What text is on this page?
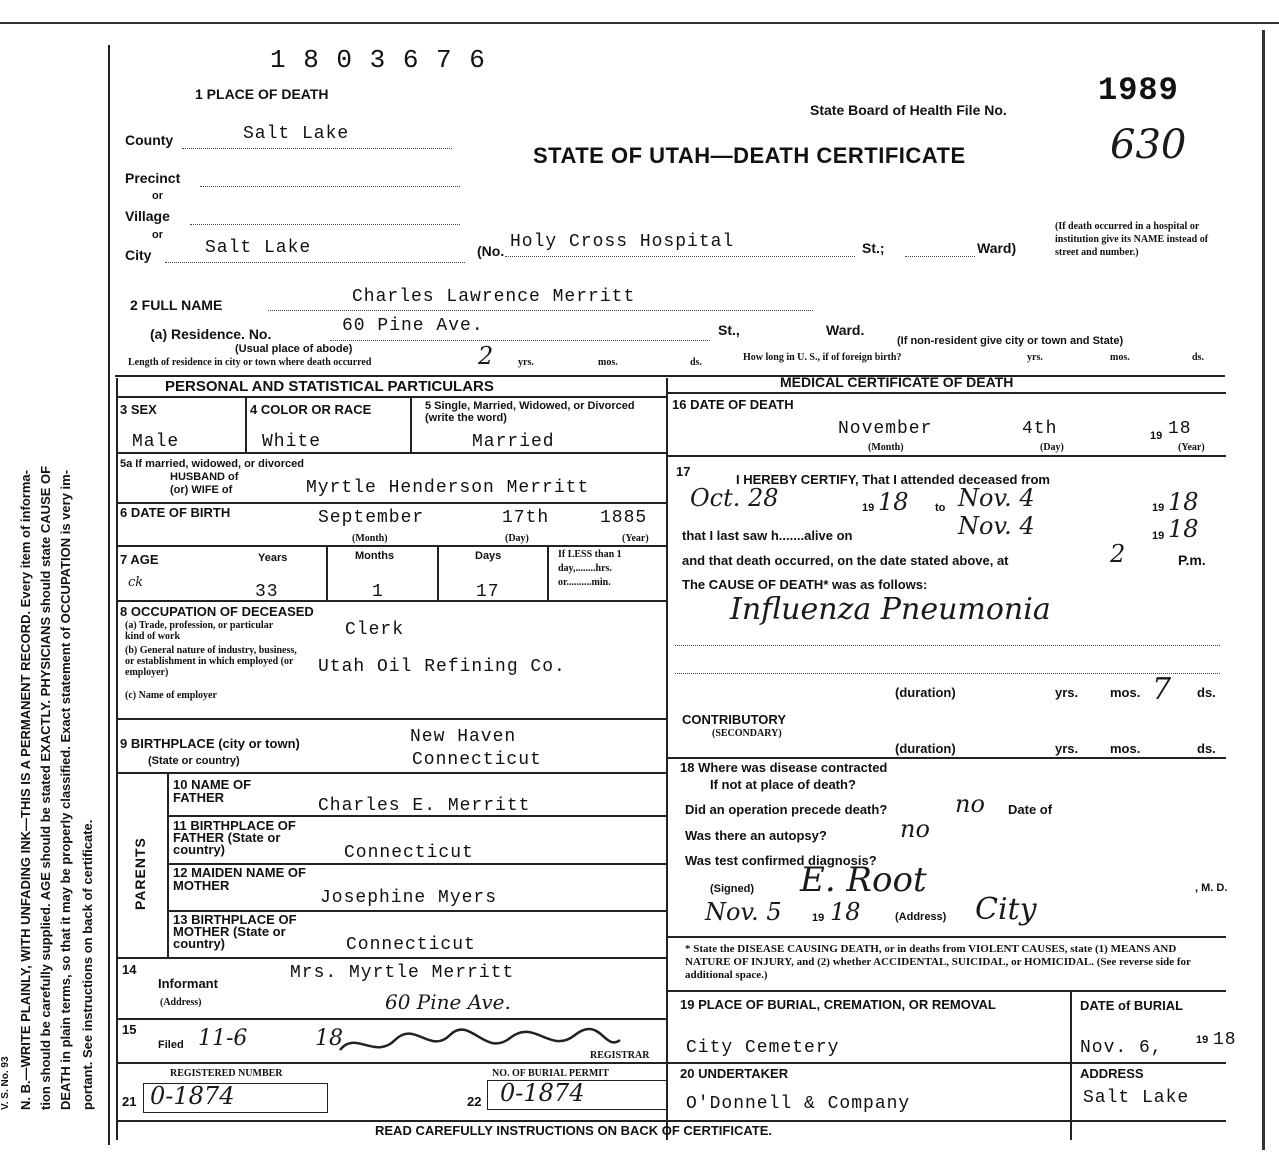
N. B.—WRITE PLAINLY, WITH UNFADING INK—THIS IS A PERMANENT RECORD. Every item of informa- tion should be carefully supplied. AGE should be stated EXACTLY. PHYSICIANS should state CAUSE OF DEATH in plain terms, so that it may be properly classified. Exact statement of OCCUPATION is very im- portant. See instructions on back of certificate.
V. S. No. 93
1 8 0 3 6 7 6
1 PLACE OF DEATH
State Board of Health File No.
1989
STATE OF UTAH—DEATH CERTIFICATE	630
County	Salt Lake
Precinct
or
Village
or
City	Salt Lake	(No. Holy Cross Hospital	St.;	Ward)
(If death occurred in a hospital or institution give its NAME instead of street and number.)
2 FULL NAME	Charles Lawrence Merritt
(a) Residence. No.	60 Pine Ave.	St.,	Ward.
(Usual place of abode)
(If non-resident give city or town and State)
Length of residence in city or town where death occurred	2 yrs.	mos.	ds.	How long in U. S., if of foreign birth?	yrs.	mos.	ds.
PERSONAL AND STATISTICAL PARTICULARS
3 SEX	4 COLOR OR RACE	5 Single, Married, Widowed, or Divorced (write the word)
Male	White	Married
5a If married, widowed, or divorced
HUSBAND of
(or) WIFE of	Myrtle Henderson Merritt
6 DATE OF BIRTH	September	17th	1885
(Month)	(Day)	(Year)
7 AGE	Years	Months	Days	If LESS than 1 day,........hrs. or..........min.
ck	33	1	17
8 OCCUPATION OF DECEASED
(a) Trade, profession, or particular kind of work	Clerk
(b) General nature of industry, business, or establishment in which employed (or employer)	Utah Oil Refining Co.
(c) Name of employer
9 BIRTHPLACE (city or town)	New Haven
(State or country)	Connecticut
PARENTS
10 NAME OF FATHER	Charles E. Merritt
11 BIRTHPLACE OF FATHER (State or country)	Connecticut
12 MAIDEN NAME OF MOTHER
Josephine Myers
13 BIRTHPLACE OF MOTHER (State or country)	Connecticut
14
Informant
Mrs. Myrtle Merritt
(Address)	60 Pine Ave.
15
Filed 11-6	18
REGISTRAR
REGISTERED NUMBER	NO. OF BURIAL PERMIT
21 0-1874	22 0-1874
MEDICAL CERTIFICATE OF DEATH
16 DATE OF DEATH
November	4th	19 18
(Month)	(Day)	(Year)
17
I HEREBY CERTIFY, That I attended deceased from
Oct. 28	19 18 to Nov. 4	19 18
that I last saw h.......alive on	Nov. 4	19 18
and that death occurred, on the date stated above, at	2	P.m.
The CAUSE OF DEATH* was as follows:
Influenza Pneumonia
(duration)	yrs. mos. 7 ds.
CONTRIBUTORY
(SECONDARY)
(duration)	yrs. mos.	ds.
18 Where was disease contracted
If not at place of death?
Did an operation precede death?	no Date of
Was there an autopsy?	no
Was test confirmed diagnosis?
(Signed) E. Root	, M. D.
Nov. 5	19 18	(Address) City
* State the DISEASE CAUSING DEATH, or in deaths from VIOLENT CAUSES, state (1) MEANS AND NATURE OF INJURY, and (2) whether ACCIDENTAL, SUICIDAL, or HOMICIDAL. (See reverse side for additional space.)
19 PLACE OF BURIAL, CREMATION, OR REMOVAL
City Cemetery
DATE of BURIAL
Nov. 6,	19 18
20 UNDERTAKER
O'Donnell & Company
ADDRESS
Salt Lake
READ CAREFULLY INSTRUCTIONS ON BACK OF CERTIFICATE.
